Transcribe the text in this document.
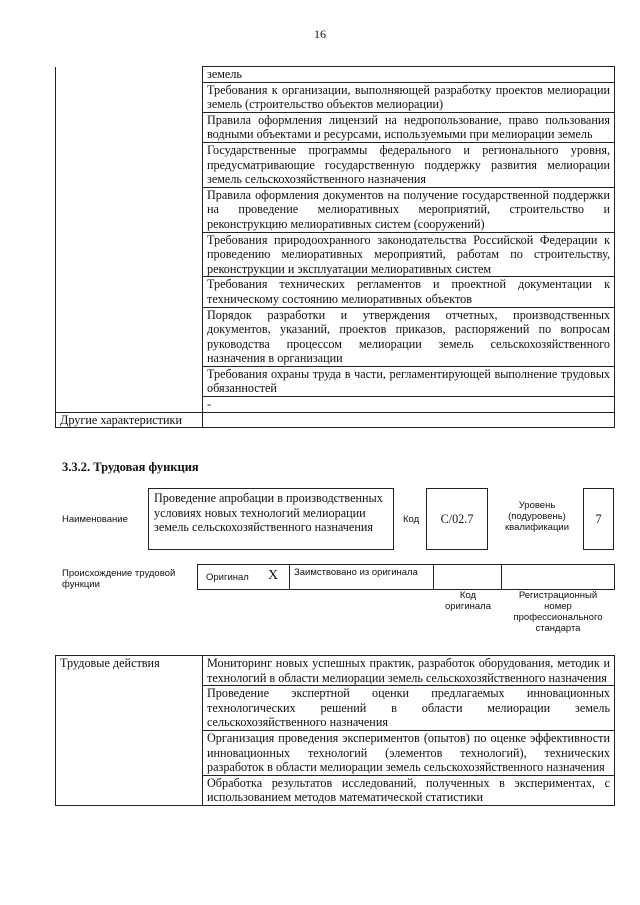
16
	земель
	Требования к организации, выполняющей разработку проектов мелиорации земель (строительство объектов мелиорации)
	Правила оформления лицензий на недропользование, право пользования водными объектами и ресурсами, используемыми при мелиорации земель
	Государственные программы федерального и регионального уровня, предусматривающие государственную поддержку развития мелиорации земель сельскохозяйственного назначения
	Правила оформления документов на получение государственной поддержки на проведение мелиоративных мероприятий, строительство и реконструкцию мелиоративных систем (сооружений)
	Требования природоохранного законодательства Российской Федерации к проведению мелиоративных мероприятий, работам по строительству, реконструкции и эксплуатации мелиоративных систем
	Требования технических регламентов и проектной документации к техническому состоянию мелиоративных объектов
	Порядок разработки и утверждения отчетных, производственных документов, указаний, проектов приказов, распоряжений по вопросам руководства процессом мелиорации земель сельскохозяйственного назначения в организации
	Требования охраны труда в части, регламентирующей выполнение трудовых обязанностей
	-
Другие характеристики	
3.3.2. Трудовая функция
Наименование
Проведение апробации в производственных условиях новых технологий мелиорации земель сельскохозяйственного назначения
Код	C/02.7
Уровень (подуровень) квалификации
7
Происхождение трудовой функции
Оригинал X Заимствовано из оригинала
Код оригинала
Регистрационный номер профессионального стандарта
Трудовые действия	Мониторинг новых успешных практик, разработок оборудования, методик и технологий в области мелиорации земель сельскохозяйственного назначения
Проведение экспертной оценки предлагаемых инновационных технологических решений в области мелиорации земель сельскохозяйственного назначения
Организация проведения экспериментов (опытов) по оценке эффективности инновационных технологий (элементов технологий), технических разработок в области мелиорации земель сельскохозяйственного назначения
Обработка результатов исследований, полученных в экспериментах, с использованием методов математической статистики
